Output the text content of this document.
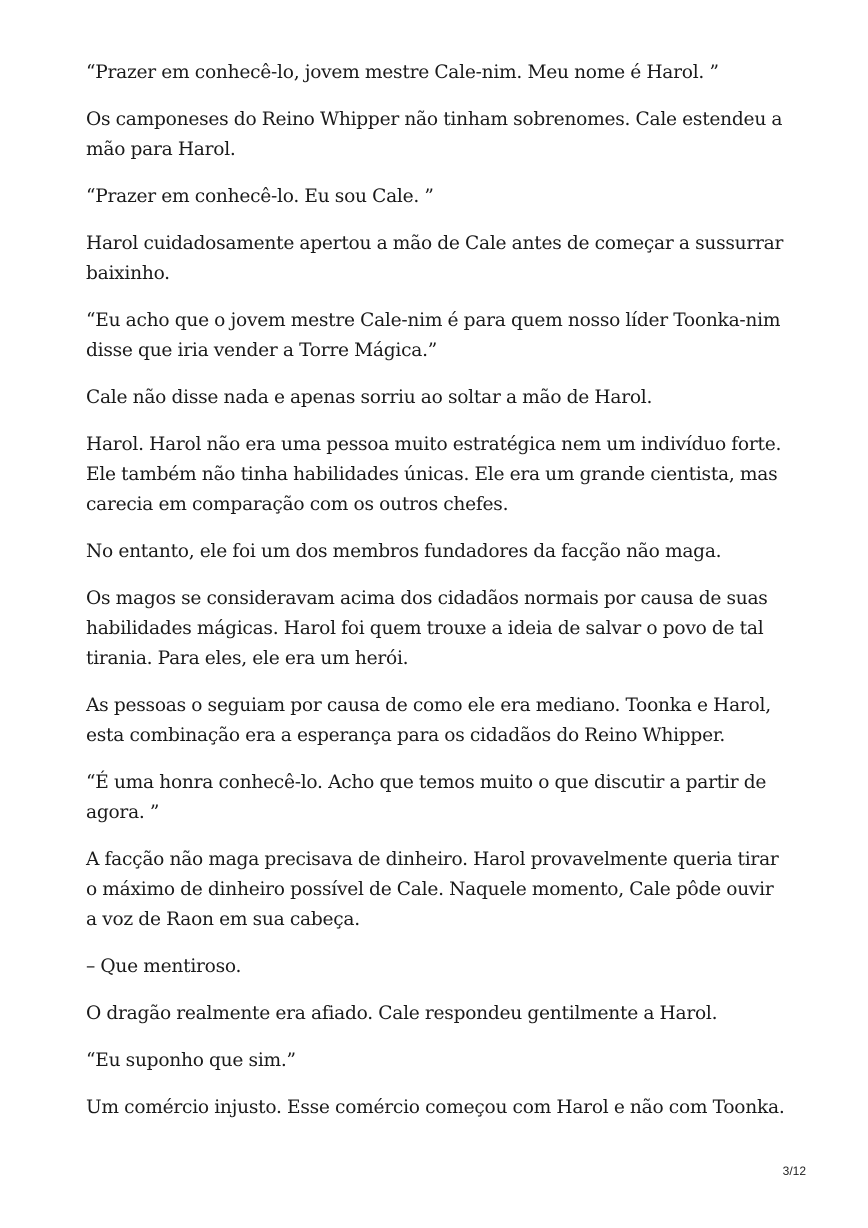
“Prazer em conhecê-lo, jovem mestre Cale-nim. Meu nome é Harol. ”

Os camponeses do Reino Whipper não tinham sobrenomes. Cale estendeu a mão para Harol.

“Prazer em conhecê-lo. Eu sou Cale. ”

Harol cuidadosamente apertou a mão de Cale antes de começar a sussurrar baixinho.

“Eu acho que o jovem mestre Cale-nim é para quem nosso líder Toonka-nim disse que iria vender a Torre Mágica.”

Cale não disse nada e apenas sorriu ao soltar a mão de Harol.

Harol. Harol não era uma pessoa muito estratégica nem um indivíduo forte. Ele também não tinha habilidades únicas. Ele era um grande cientista, mas carecia em comparação com os outros chefes.

No entanto, ele foi um dos membros fundadores da facção não maga.

Os magos se consideravam acima dos cidadãos normais por causa de suas habilidades mágicas. Harol foi quem trouxe a ideia de salvar o povo de tal tirania. Para eles, ele era um herói.

As pessoas o seguiam por causa de como ele era mediano. Toonka e Harol, esta combinação era a esperança para os cidadãos do Reino Whipper.

“É uma honra conhecê-lo. Acho que temos muito o que discutir a partir de agora. ”

A facção não maga precisava de dinheiro. Harol provavelmente queria tirar o máximo de dinheiro possível de Cale. Naquele momento, Cale pôde ouvir a voz de Raon em sua cabeça.

– Que mentiroso.

O dragão realmente era afiado. Cale respondeu gentilmente a Harol.

“Eu suponho que sim.”

Um comércio injusto. Esse comércio começou com Harol e não com Toonka.

3/12
